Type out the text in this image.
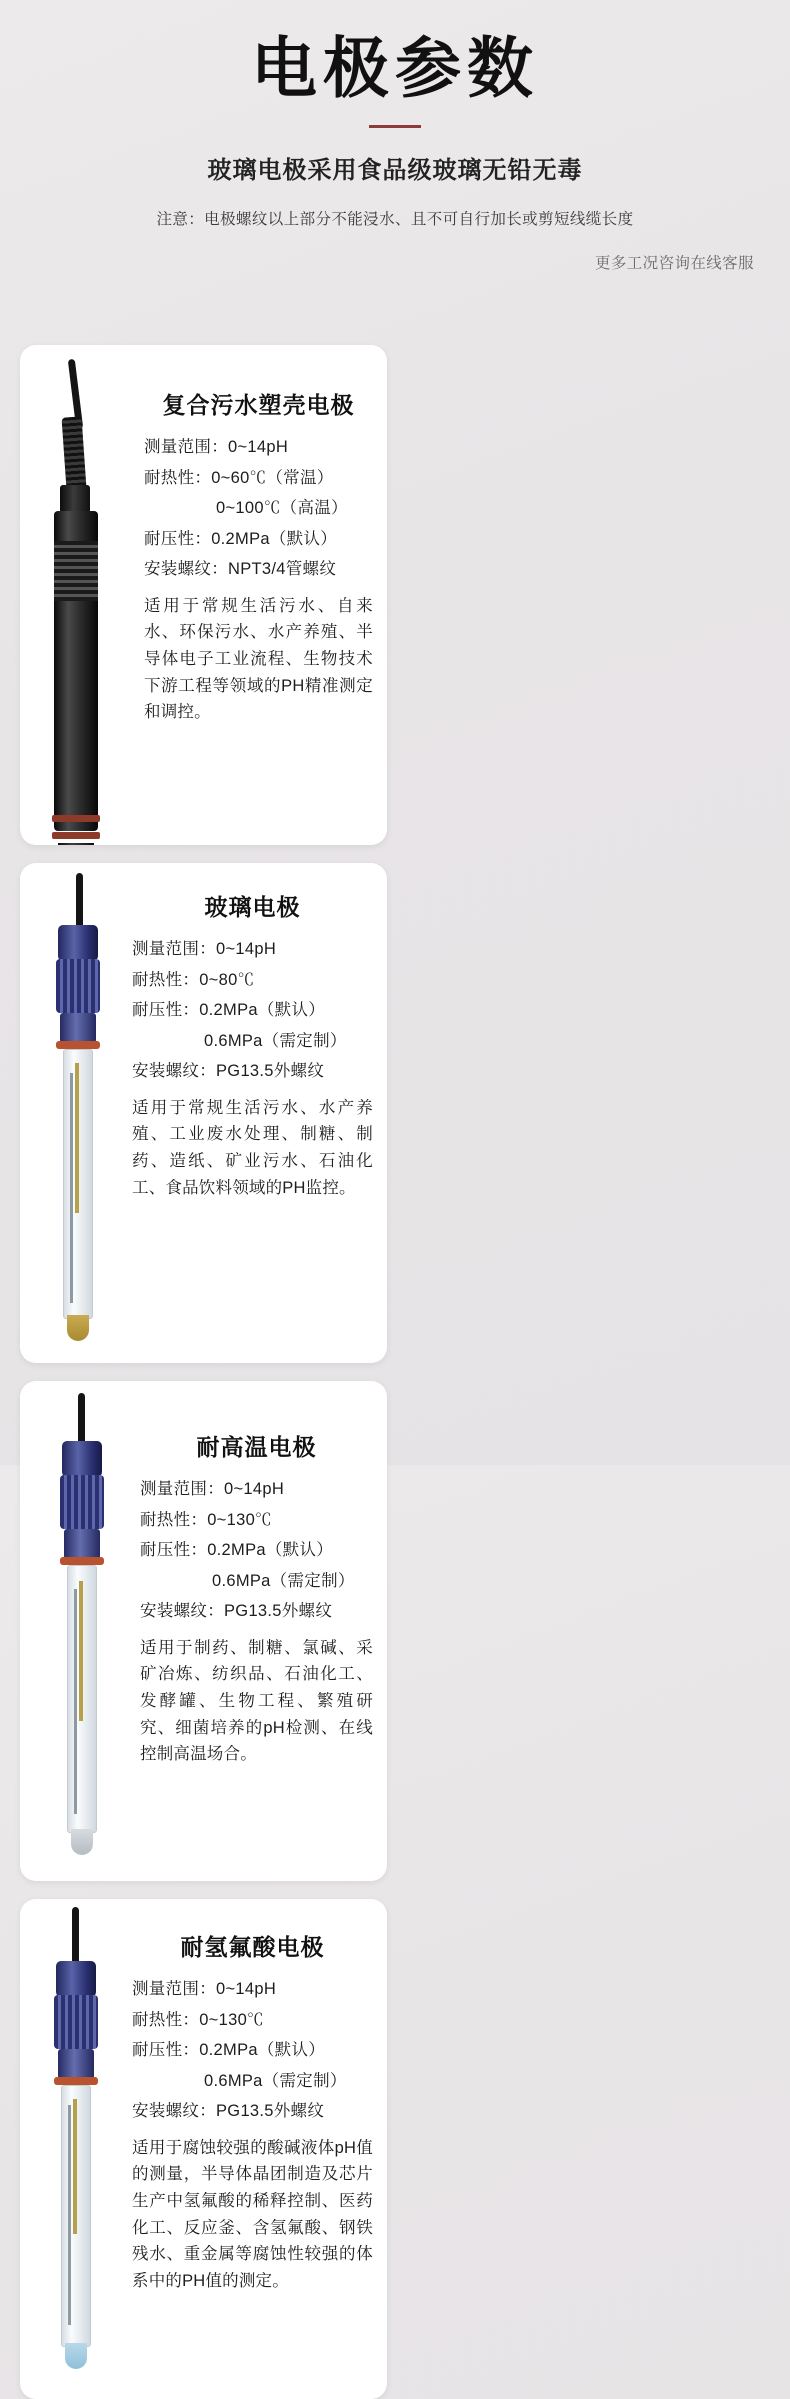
电极参数
玻璃电极采用食品级玻璃无铅无毒
注意：电极螺纹以上部分不能浸水、且不可自行加长或剪短线缆长度
更多工况咨询在线客服
复合污水塑壳电极
测量范围：0~14pH
耐热性：0~60℃（常温）
0~100℃（高温）
耐压性：0.2MPa（默认）
安装螺纹：NPT3/4管螺纹
适用于常规生活污水、自来水、环保污水、水产养殖、半导体电子工业流程、生物技术下游工程等领域的PH精准测定和调控。
玻璃电极
测量范围：0~14pH
耐热性：0~80℃
耐压性：0.2MPa（默认）
0.6MPa（需定制）
安装螺纹：PG13.5外螺纹
适用于常规生活污水、水产养殖、工业废水处理、制糖、制药、造纸、矿业污水、石油化工、食品饮料领域的PH监控。
耐高温电极
测量范围：0~14pH
耐热性：0~130℃
耐压性：0.2MPa（默认）
0.6MPa（需定制）
安装螺纹：PG13.5外螺纹
适用于制药、制糖、氯碱、采矿冶炼、纺织品、石油化工、发酵罐、生物工程、繁殖研究、细菌培养的pH检测、在线控制高温场合。
耐氢氟酸电极
测量范围：0~14pH
耐热性：0~130℃
耐压性：0.2MPa（默认）
0.6MPa（需定制）
安装螺纹：PG13.5外螺纹
适用于腐蚀较强的酸碱液体pH值的测量，半导体晶团制造及芯片生产中氢氟酸的稀释控制、医药化工、反应釜、含氢氟酸、钢铁残水、重金属等腐蚀性较强的体系中的PH值的测定。
